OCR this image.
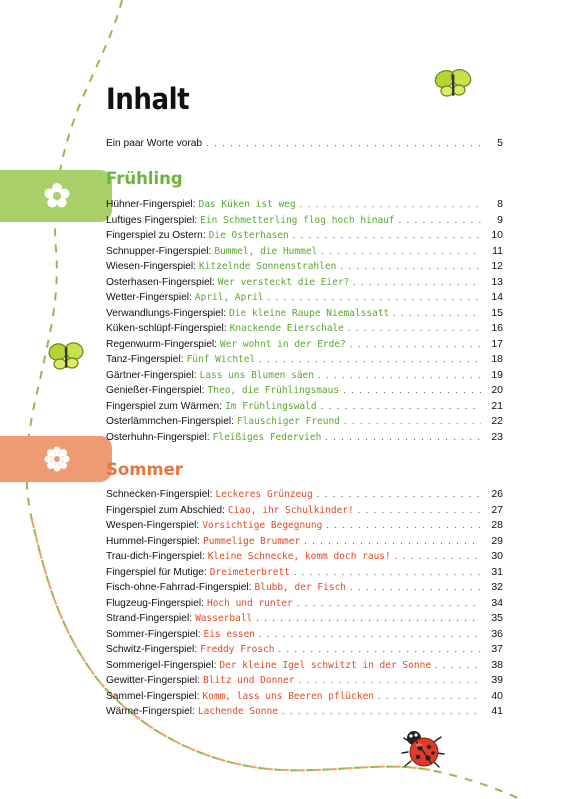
Inhalt
Ein paar Worte vorab . . .	5
Frühling
Hühner-Fingerspiel: Das Küken ist weg . . .	8
Luftiges Fingerspiel: Ein Schmetterling flog hoch hinauf . . .	9
Fingerspiel zu Ostern: Die Osterhasen . . .	10
Schnupper-Fingerspiel: Bummel, die Hummel . . .	11
Wiesen-Fingerspiel: Kitzelnde Sonnenstrahlen . . .	12
Osterhasen-Fingerspiel: Wer versteckt die Eier? . . .	13
Wetter-Fingerspiel: April, April . . .	14
Verwandlungs-Fingerspiel: Die kleine Raupe Niemalssatt . . .	15
Küken-schlüpf-Fingerspiel: Knackende Eierschale . . .	16
Regenwurm-Fingerspiel: Wer wohnt in der Erde? . . .	17
Tanz-Fingerspiel: Fünf Wichtel . . .	18
Gärtner-Fingerspiel: Lass uns Blumen säen . . .	19
Genießer-Fingerspiel: Theo, die Frühlingsmaus . . .	20
Fingerspiel zum Wärmen: Im Frühlingswald . . .	21
Osterlämmchen-Fingerspiel: Flauschiger Freund . . .	22
Osterhuhn-Fingerspiel: Fleißiges Federvieh . . .	23
Sommer
Schnecken-Fingerspiel: Leckeres Grünzeug . . .	26
Fingerspiel zum Abschied: Ciao, ihr Schulkinder! . . .	27
Wespen-Fingerspiel: Vorsichtige Begegnung . . .	28
Hummel-Fingerspiel: Pummelige Brummer . . .	29
Trau-dich-Fingerspiel: Kleine Schnecke, komm doch raus! . . .	30
Fingerspiel für Mutige: Dreimeterbrett . . .	31
Fisch-ohne-Fahrrad-Fingerspiel: Blubb, der Fisch . . .	32
Flugzeug-Fingerspiel: Hoch und runter . . .	34
Strand-Fingerspiel: Wasserball . . .	35
Sommer-Fingerspiel: Eis essen . . .	36
Schwitz-Fingerspiel: Freddy Frosch . . .	37
Sommerigel-Fingerspiel: Der kleine Igel schwitzt in der Sonne . . .	38
Gewitter-Fingerspiel: Blitz und Donner . . .	39
Sammel-Fingerspiel: Komm, lass uns Beeren pflücken . . .	40
Wärme-Fingerspiel: Lachende Sonne . . .	41
